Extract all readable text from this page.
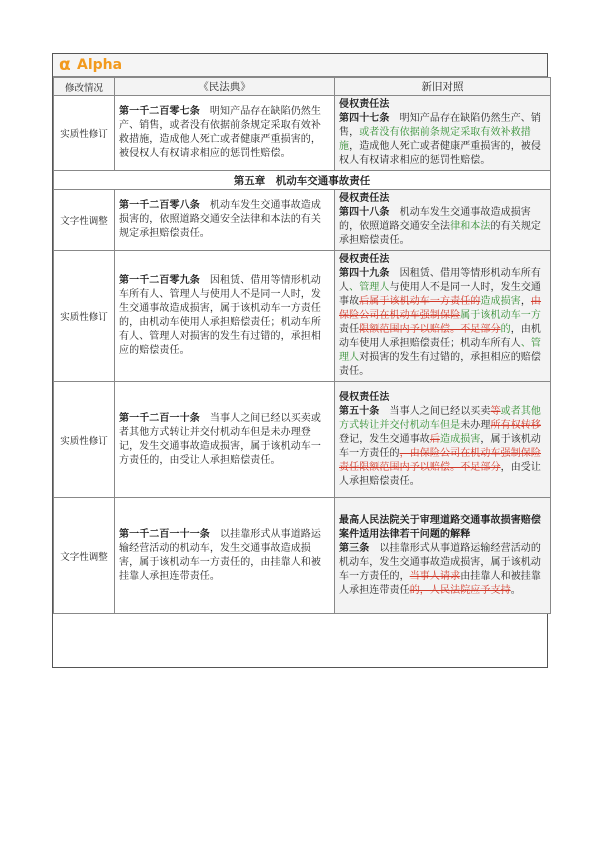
α Alpha
修改情况	《民法典》	新旧对照
实质性修订	第一千二百零七条　明知产品存在缺陷仍然生产、销售，或者没有依据前条规定采取有效补救措施，造成他人死亡或者健康严重损害的，被侵权人有权请求相应的惩罚性赔偿。	侵权责任法
第四十七条　明知产品存在缺陷仍然生产、销售，或者没有依据前条规定采取有效补救措施，造成他人死亡或者健康严重损害的，被侵权人有权请求相应的惩罚性赔偿。

第五章　机动车交通事故责任		
文字性调整	第一千二百零八条　机动车发生交通事故造成损害的，依照道路交通安全法律和本法的有关规定承担赔偿责任。	侵权责任法
第四十八条　机动车发生交通事故造成损害的，依照道路交通安全法律和本法的有关规定承担赔偿责任。

实质性修订	第一千二百零九条　因租赁、借用等情形机动车所有人、管理人与使用人不是同一人时，发生交通事故造成损害，属于该机动车一方责任的，由机动车使用人承担赔偿责任；机动车所有人、管理人对损害的发生有过错的，承担相应的赔偿责任。	侵权责任法
第四十九条　因租赁、借用等情形机动车所有人、管理人与使用人不是同一人时，发生交通事故后属于该机动车一方责任的造成损害，由保险公司在机动车强制保险属于该机动车一方责任限额范围内予以赔偿。不足部分的，由机动车使用人承担赔偿责任；机动车所有人、管理人对损害的发生有过错的，承担相应的赔偿责任。

实质性修订	第一千二百一十条　当事人之间已经以买卖或者其他方式转让并交付机动车但是未办理登记，发生交通事故造成损害，属于该机动车一方责任的，由受让人承担赔偿责任。	侵权责任法
第五十条　当事人之间已经以买卖等或者其他方式转让并交付机动车但是未办理所有权转移登记，发生交通事故后造成损害，属于该机动车一方责任的，由保险公司在机动车强制保险责任限额范围内予以赔偿。不足部分，由受让人承担赔偿责任。

文字性调整	第一千二百一十一条　以挂靠形式从事道路运输经营活动的机动车，发生交通事故造成损害，属于该机动车一方责任的，由挂靠人和被挂靠人承担连带责任。	最高人民法院关于审理道路交通事故损害赔偿案件适用法律若干问题的解释
第三条　以挂靠形式从事道路运输经营活动的机动车，发生交通事故造成损害，属于该机动车一方责任的，当事人请求由挂靠人和被挂靠人承担连带责任的，人民法院应予支持。
